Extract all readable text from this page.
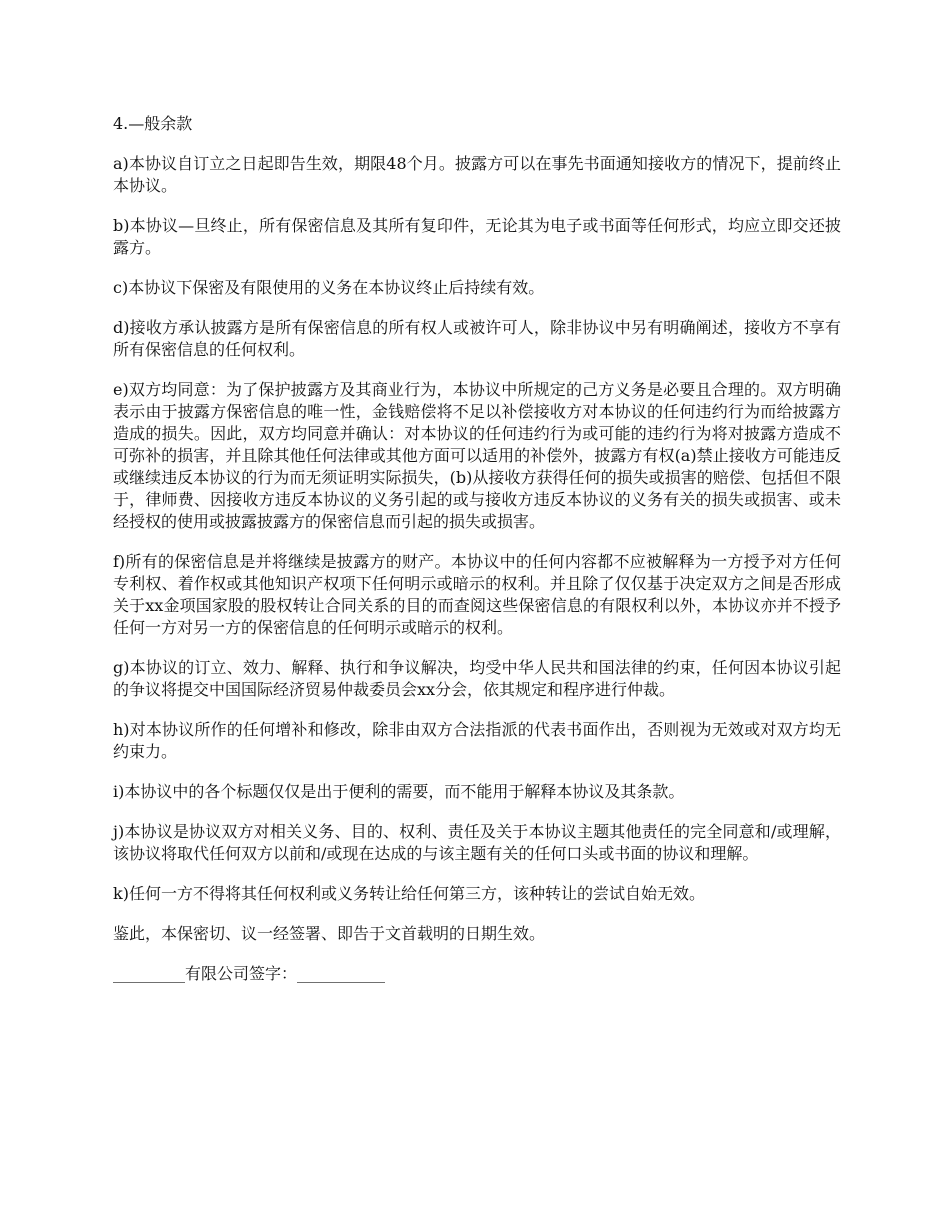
4.—般余款

a)本协议自订立之日起即告生效，期限48个月。披露方可以在事先书面通知接收方的情况下，提前终止本协议。

b)本协议—旦终止，所有保密信息及其所有复印件，无论其为电子或书面等任何形式，均应立即交还披露方。

c)本协议下保密及有限使用的义务在本协议终止后持续有效。

d)接收方承认披露方是所有保密信息的所有权人或被许可人，除非协议中另有明确阐述，接收方不享有所有保密信息的任何权利。

e)双方均同意：为了保护披露方及其商业行为，本协议中所规定的己方义务是必要且合理的。双方明确表示由于披露方保密信息的唯一性，金钱赔偿将不足以补偿接收方对本协议的任何违约行为而给披露方造成的损失。因此，双方均同意并确认：对本协议的任何违约行为或可能的违约行为将对披露方造成不可弥补的损害，并且除其他任何法律或其他方面可以适用的补偿外，披露方有权(a)禁止接收方可能违反或继续违反本协议的行为而无须证明实际损失，(b)从接收方获得任何的损失或损害的赔偿、包括但不限于，律师费、因接收方违反本协议的义务引起的或与接收方违反本协议的义务有关的损失或损害、或未经授权的使用或披露披露方的保密信息而引起的损失或损害。

f)所有的保密信息是并将继续是披露方的财产。本协议中的任何内容都不应被解释为一方授予对方任何专利权、着作权或其他知识产权项下任何明示或暗示的权利。并且除了仅仅基于决定双方之间是否形成关于xx金项国家股的股权转让合同关系的目的而查阅这些保密信息的有限权利以外，本协议亦并不授予任何一方对另一方的保密信息的任何明示或暗示的权利。

g)本协议的订立、效力、解释、执行和争议解决，均受中华人民共和国法律的约束，任何因本协议引起的争议将提交中国国际经济贸易仲裁委员会xx分会，依其规定和程序进行仲裁。

h)对本协议所作的任何增补和修改，除非由双方合法指派的代表书面作出，否则视为无效或对双方均无约束力。

i)本协议中的各个标题仅仅是出于便利的需要，而不能用于解释本协议及其条款。

j)本协议是协议双方对相关义务、目的、权利、责任及关于本协议主题其他责任的完全同意和/或理解，该协议将取代任何双方以前和/或现在达成的与该主题有关的任何口头或书面的协议和理解。

k)任何一方不得将其任何权利或义务转让给任何第三方，该种转让的尝试自始无效。

鉴此，本保密切、议一经签署、即告于文首载明的日期生效。

_________有限公司签字：___________
